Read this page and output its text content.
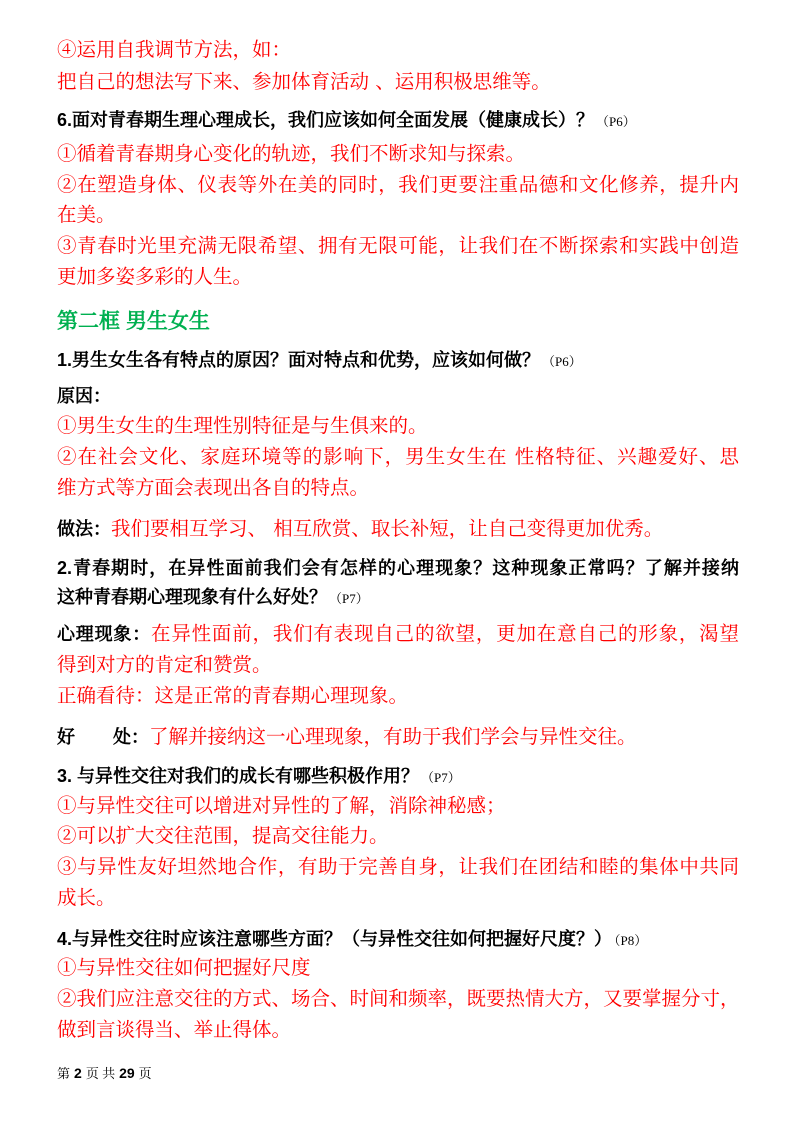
④运用自我调节方法，如：
把自己的想法写下来、参加体育活动 、运用积极思维等。
6.面对青春期生理心理成长，我们应该如何全面发展（健康成长）？ （P6）
①循着青春期身心变化的轨迹，我们不断求知与探索。
②在塑造身体、仪表等外在美的同时，我们更要注重品德和文化修养，提升内
在美。
③青春时光里充满无限希望、拥有无限可能，让我们在不断探索和实践中创造
更加多姿多彩的人生。
第二框 男生女生
1.男生女生各有特点的原因？面对特点和优势，应该如何做？ （P6）
原因：
①男生女生的生理性别特征是与生俱来的。
②在社会文化、家庭环境等的影响下，男生女生在 性格特征、兴趣爱好、思
维方式等方面会表现出各自的特点。
做法：我们要相互学习、 相互欣赏、取长补短，让自己变得更加优秀。
2.青春期时，在异性面前我们会有怎样的心理现象？这种现象正常吗？了解并接纳
这种青春期心理现象有什么好处？ （P7）
心理现象：在异性面前，我们有表现自己的欲望，更加在意自己的形象，渴望
得到对方的肯定和赞赏。
正确看待：这是正常的青春期心理现象。
好 处：了解并接纳这一心理现象，有助于我们学会与异性交往。
3. 与异性交往对我们的成长有哪些积极作用？ （P7）
①与异性交往可以增进对异性的了解，消除神秘感；
②可以扩大交往范围，提高交往能力。
③与异性友好坦然地合作，有助于完善自身，让我们在团结和睦的集体中共同
成长。
4.与异性交往时应该注意哪些方面？（与异性交往如何把握好尺度？） （P8）
①与异性交往如何把握好尺度
②我们应注意交往的方式、场合、时间和频率，既要热情大方，又要掌握分寸，
做到言谈得当、举止得体。
第 2 页 共 29 页
